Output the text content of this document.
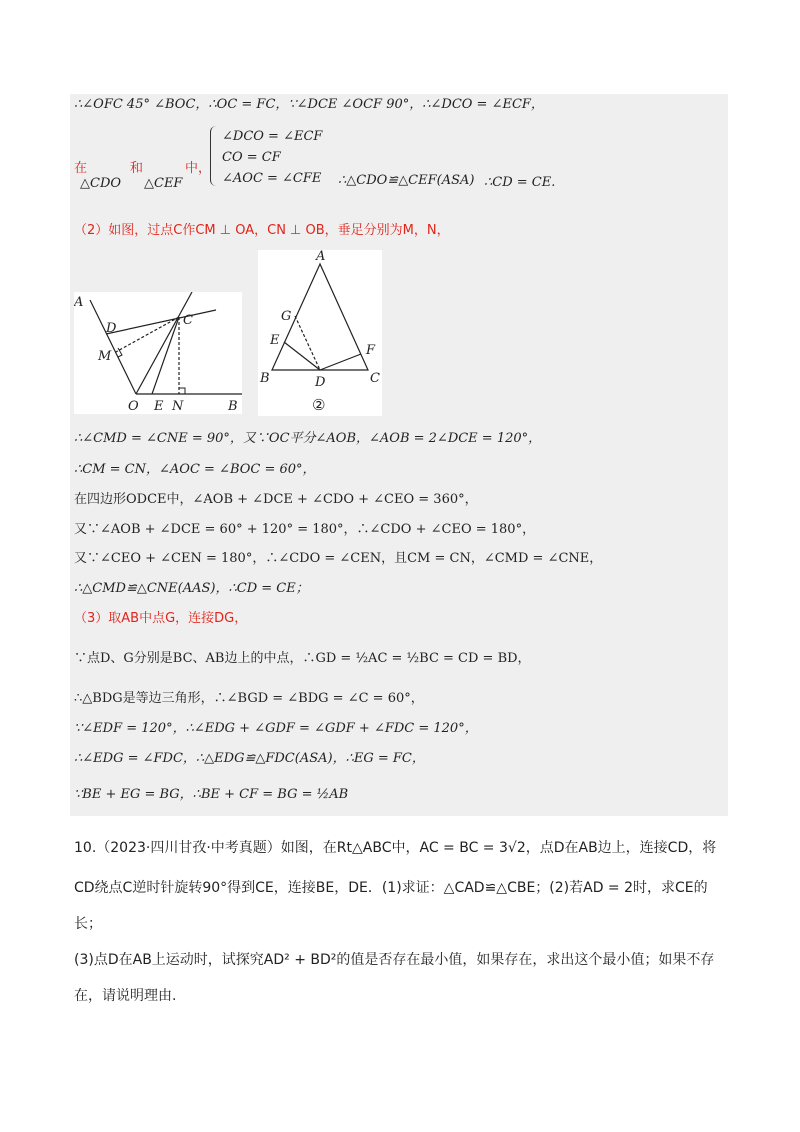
∴∠OFC 45° ∠BOC，∴OC = FC，∵∠DCE ∠OCF 90°，∴∠DCO = ∠ECF，
在
△CDO
和
△CEF
中，
∠DCO = ∠ECF
CO = CF
∠AOC = ∠CFE ∴△CDO≌△CEF(ASA) ∴CD = CE.
（2）如图，过点C作CM ⊥ OA，CN ⊥ OB，垂足分别为M，N，
A
D
M
C
O E N	B
A
G
E
F
B	D	C
②
∴∠CMD = ∠CNE = 90°，又∵OC平分∠AOB，∠AOB = 2∠DCE = 120°，
∴CM = CN，∠AOC = ∠BOC = 60°，
在四边形ODCE中，∠AOB + ∠DCE + ∠CDO + ∠CEO = 360°，
又∵∠AOB + ∠DCE = 60° + 120° = 180°，∴∠CDO + ∠CEO = 180°，
又∵∠CEO + ∠CEN = 180°，∴∠CDO = ∠CEN，且CM = CN，∠CMD = ∠CNE，
∴△CMD≌△CNE(AAS)，∴CD = CE；
（3）取AB中点G，连接DG，
∵点D、G分别是BC、AB边上的中点，∴GD = ½AC = ½BC = CD = BD，
∴△BDG是等边三角形，∴∠BGD = ∠BDG = ∠C = 60°，
∵∠EDF = 120°，∴∠EDG + ∠GDF = ∠GDF + ∠FDC = 120°，
∴∠EDG = ∠FDC，∴△EDG≌△FDC(ASA)，∴EG = FC，
∵BE + EG = BG，∴BE + CF = BG = ½AB
10.（2023·四川甘孜·中考真题）如图，在Rt△ABC中，AC = BC = 3√2，点D在AB边上，连接CD，将
CD绕点C逆时针旋转90°得到CE，连接BE，DE．(1)求证：△CAD≌△CBE；(2)若AD = 2时，求CE的
长；
(3)点D在AB上运动时，试探究AD² + BD²的值是否存在最小值，如果存在，求出这个最小值；如果不存
在，请说明理由.
